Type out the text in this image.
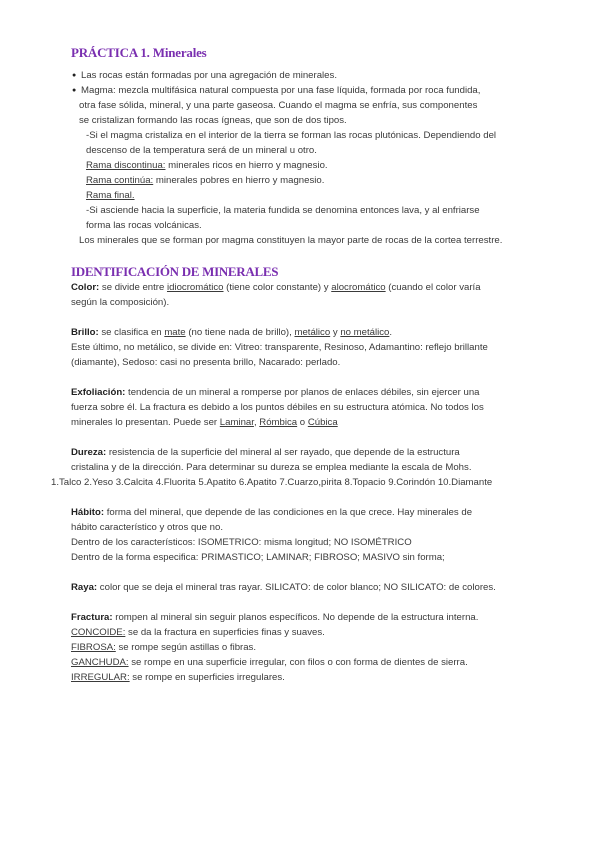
PRÁCTICA 1. Minerales
● Las rocas están formadas por una agregación de minerales.
● Magma: mezcla multifásica natural compuesta por una fase líquida, formada por roca fundida,
otra fase sólida, mineral, y una parte gaseosa. Cuando el magma se enfría, sus componentes
se cristalizan formando las rocas ígneas, que son de dos tipos.
-Si el magma cristaliza en el interior de la tierra se forman las rocas plutónicas. Dependiendo del
descenso de la temperatura será de un mineral u otro.
Rama discontinua: minerales ricos en hierro y magnesio.
Rama continúa: minerales pobres en hierro y magnesio.
Rama final.
-Si asciende hacia la superficie, la materia fundida se denomina entonces lava, y al enfriarse
forma las rocas volcánicas.
Los minerales que se forman por magma constituyen la mayor parte de rocas de la cortea terrestre.
IDENTIFICACIÓN DE MINERALES
Color: se divide entre idiocromático (tiene color constante) y alocromático (cuando el color varía
según la composición).
Brillo: se clasifica en mate (no tiene nada de brillo), metálico y no metálico.
Este último, no metálico, se divide en: Vitreo: transparente, Resinoso, Adamantino: reflejo brillante
(diamante), Sedoso: casi no presenta brillo, Nacarado: perlado.
Exfoliación: tendencia de un mineral a romperse por planos de enlaces débiles, sin ejercer una
fuerza sobre él. La fractura es debido a los puntos débiles en su estructura atómica. No todos los
minerales lo presentan. Puede ser Laminar, Rómbica o Cúbica
Dureza: resistencia de la superficie del mineral al ser rayado, que depende de la estructura
cristalina y de la dirección. Para determinar su dureza se emplea mediante la escala de Mohs.
1.Talco 2.Yeso 3.Calcita 4.Fluorita 5.Apatito 6.Apatito 7.Cuarzo,pirita 8.Topacio 9.Corindón 10.Diamante
Hábito: forma del mineral, que depende de las condiciones en la que crece. Hay minerales de
hábito característico y otros que no.
Dentro de los característicos: ISOMETRICO: misma longitud; NO ISOMÉTRICO
Dentro de la forma especifica: PRIMASTICO; LAMINAR; FIBROSO; MASIVO sin forma;
Raya: color que se deja el mineral tras rayar. SILICATO: de color blanco; NO SILICATO: de colores.
Fractura: rompen al mineral sin seguir planos específicos. No depende de la estructura interna.
CONCOIDE: se da la fractura en superficies finas y suaves.
FIBROSA: se rompe según astillas o fibras.
GANCHUDA: se rompe en una superficie irregular, con filos o con forma de dientes de sierra.
IRREGULAR: se rompe en superficies irregulares.
